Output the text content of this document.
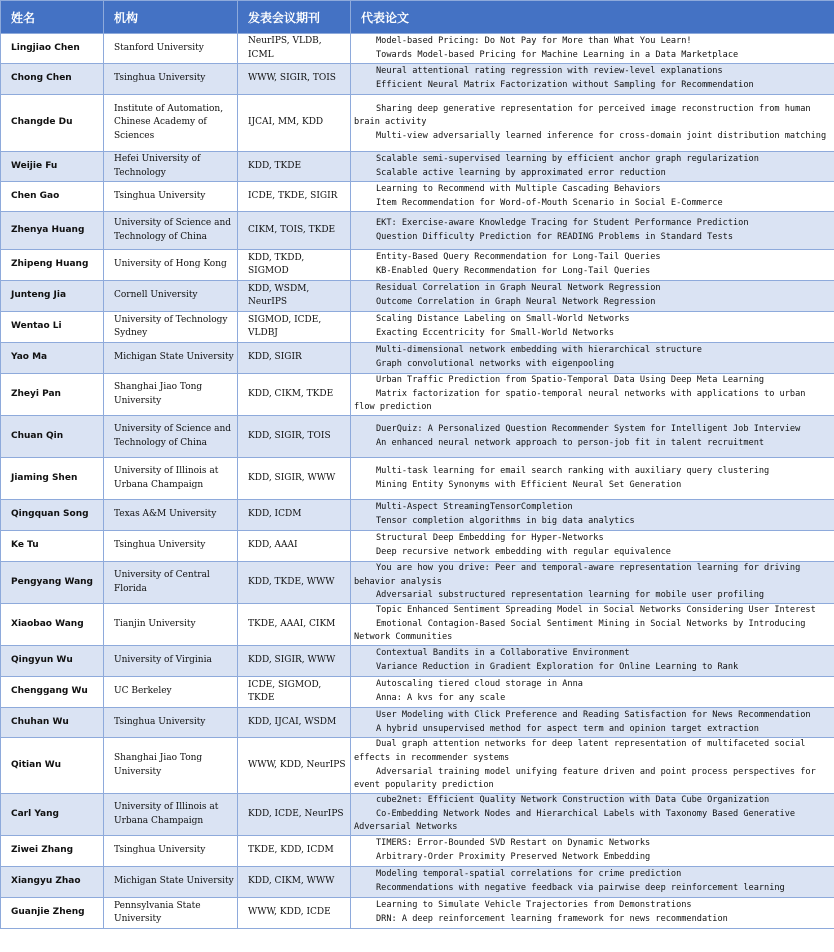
姓名	机构	发表会议期刊	代表论文
Lingjiao Chen	Stanford University	NeurIPS, VLDB, ICML	Model-based Pricing: Do Not Pay for More than What You Learn!
Towards Model-based Pricing for Machine Learning in a Data Marketplace

Chong Chen	Tsinghua University	WWW, SIGIR, TOIS	Neural attentional rating regression with review-level explanations
Efficient Neural Matrix Factorization without Sampling for Recommendation

Changde Du	Institute of Automation, Chinese Academy of Sciences	IJCAI, MM, KDD	Sharing deep generative representation for perceived image reconstruction from human brain activity
Multi-view adversarially learned inference for cross-domain joint distribution matching

Weijie Fu	Hefei University of Technology	KDD, TKDE	Scalable semi-supervised learning by efficient anchor graph regularization
Scalable active learning by approximated error reduction

Chen Gao	Tsinghua University	ICDE, TKDE, SIGIR	Learning to Recommend with Multiple Cascading Behaviors
Item Recommendation for Word-of-Mouth Scenario in Social E-Commerce

Zhenya Huang	University of Science and Technology of China	CIKM, TOIS, TKDE	EKT: Exercise-aware Knowledge Tracing for Student Performance Prediction
Question Difficulty Prediction for READING Problems in Standard Tests

Zhipeng Huang	University of Hong Kong	KDD, TKDD, SIGMOD	Entity-Based Query Recommendation for Long-Tail Queries
KB-Enabled Query Recommendation for Long-Tail Queries

Junteng Jia	Cornell University	KDD, WSDM, NeurIPS	Residual Correlation in Graph Neural Network Regression
Outcome Correlation in Graph Neural Network Regression

Wentao Li	University of Technology Sydney	SIGMOD, ICDE, VLDBJ	Scaling Distance Labeling on Small-World Networks
Exacting Eccentricity for Small-World Networks

Yao Ma	Michigan State University	KDD, SIGIR	Multi-dimensional network embedding with hierarchical structure
Graph convolutional networks with eigenpooling

Zheyi Pan	Shanghai Jiao Tong University	KDD, CIKM, TKDE	Urban Traffic Prediction from Spatio-Temporal Data Using Deep Meta Learning
Matrix factorization for spatio-temporal neural networks with applications to urban flow prediction

Chuan Qin	University of Science and Technology of China	KDD, SIGIR, TOIS	DuerQuiz: A Personalized Question Recommender System for Intelligent Job Interview
An enhanced neural network approach to person-job fit in talent recruitment

Jiaming Shen	University of Illinois at Urbana Champaign	KDD, SIGIR, WWW	Multi-task learning for email search ranking with auxiliary query clustering
Mining Entity Synonyms with Efficient Neural Set Generation

Qingquan Song	Texas A&M University	KDD, ICDM	Multi-Aspect StreamingTensorCompletion
Tensor completion algorithms in big data analytics

Ke Tu	Tsinghua University	KDD, AAAI	Structural Deep Embedding for Hyper-Networks
Deep recursive network embedding with regular equivalence

Pengyang Wang	University of Central Florida	KDD, TKDE, WWW	You are how you drive: Peer and temporal-aware representation learning for driving behavior analysis
Adversarial substructured representation learning for mobile user profiling

Xiaobao Wang	Tianjin University	TKDE, AAAI, CIKM	Topic Enhanced Sentiment Spreading Model in Social Networks Considering User Interest
Emotional Contagion-Based Social Sentiment Mining in Social Networks by Introducing Network Communities

Qingyun Wu	University of Virginia	KDD, SIGIR, WWW	Contextual Bandits in a Collaborative Environment
Variance Reduction in Gradient Exploration for Online Learning to Rank

Chenggang Wu	UC Berkeley	ICDE, SIGMOD, TKDE	Autoscaling tiered cloud storage in Anna
Anna: A kvs for any scale

Chuhan Wu	Tsinghua University	KDD, IJCAI, WSDM	User Modeling with Click Preference and Reading Satisfaction for News Recommendation
A hybrid unsupervised method for aspect term and opinion target extraction

Qitian Wu	Shanghai Jiao Tong University	WWW, KDD, NeurIPS	Dual graph attention networks for deep latent representation of multifaceted social effects in recommender systems
Adversarial training model unifying feature driven and point process perspectives for event popularity prediction

Carl Yang	University of Illinois at Urbana Champaign	KDD, ICDE, NeurIPS	cube2net: Efficient Quality Network Construction with Data Cube Organization
Co-Embedding Network Nodes and Hierarchical Labels with Taxonomy Based Generative Adversarial Networks

Ziwei Zhang	Tsinghua University	TKDE, KDD, ICDM	TIMERS: Error-Bounded SVD Restart on Dynamic Networks
Arbitrary-Order Proximity Preserved Network Embedding

Xiangyu Zhao	Michigan State University	KDD, CIKM, WWW	Modeling temporal-spatial correlations for crime prediction
Recommendations with negative feedback via pairwise deep reinforcement learning

Guanjie Zheng	Pennsylvania State University	WWW, KDD, ICDE	Learning to Simulate Vehicle Trajectories from Demonstrations
DRN: A deep reinforcement learning framework for news recommendation
